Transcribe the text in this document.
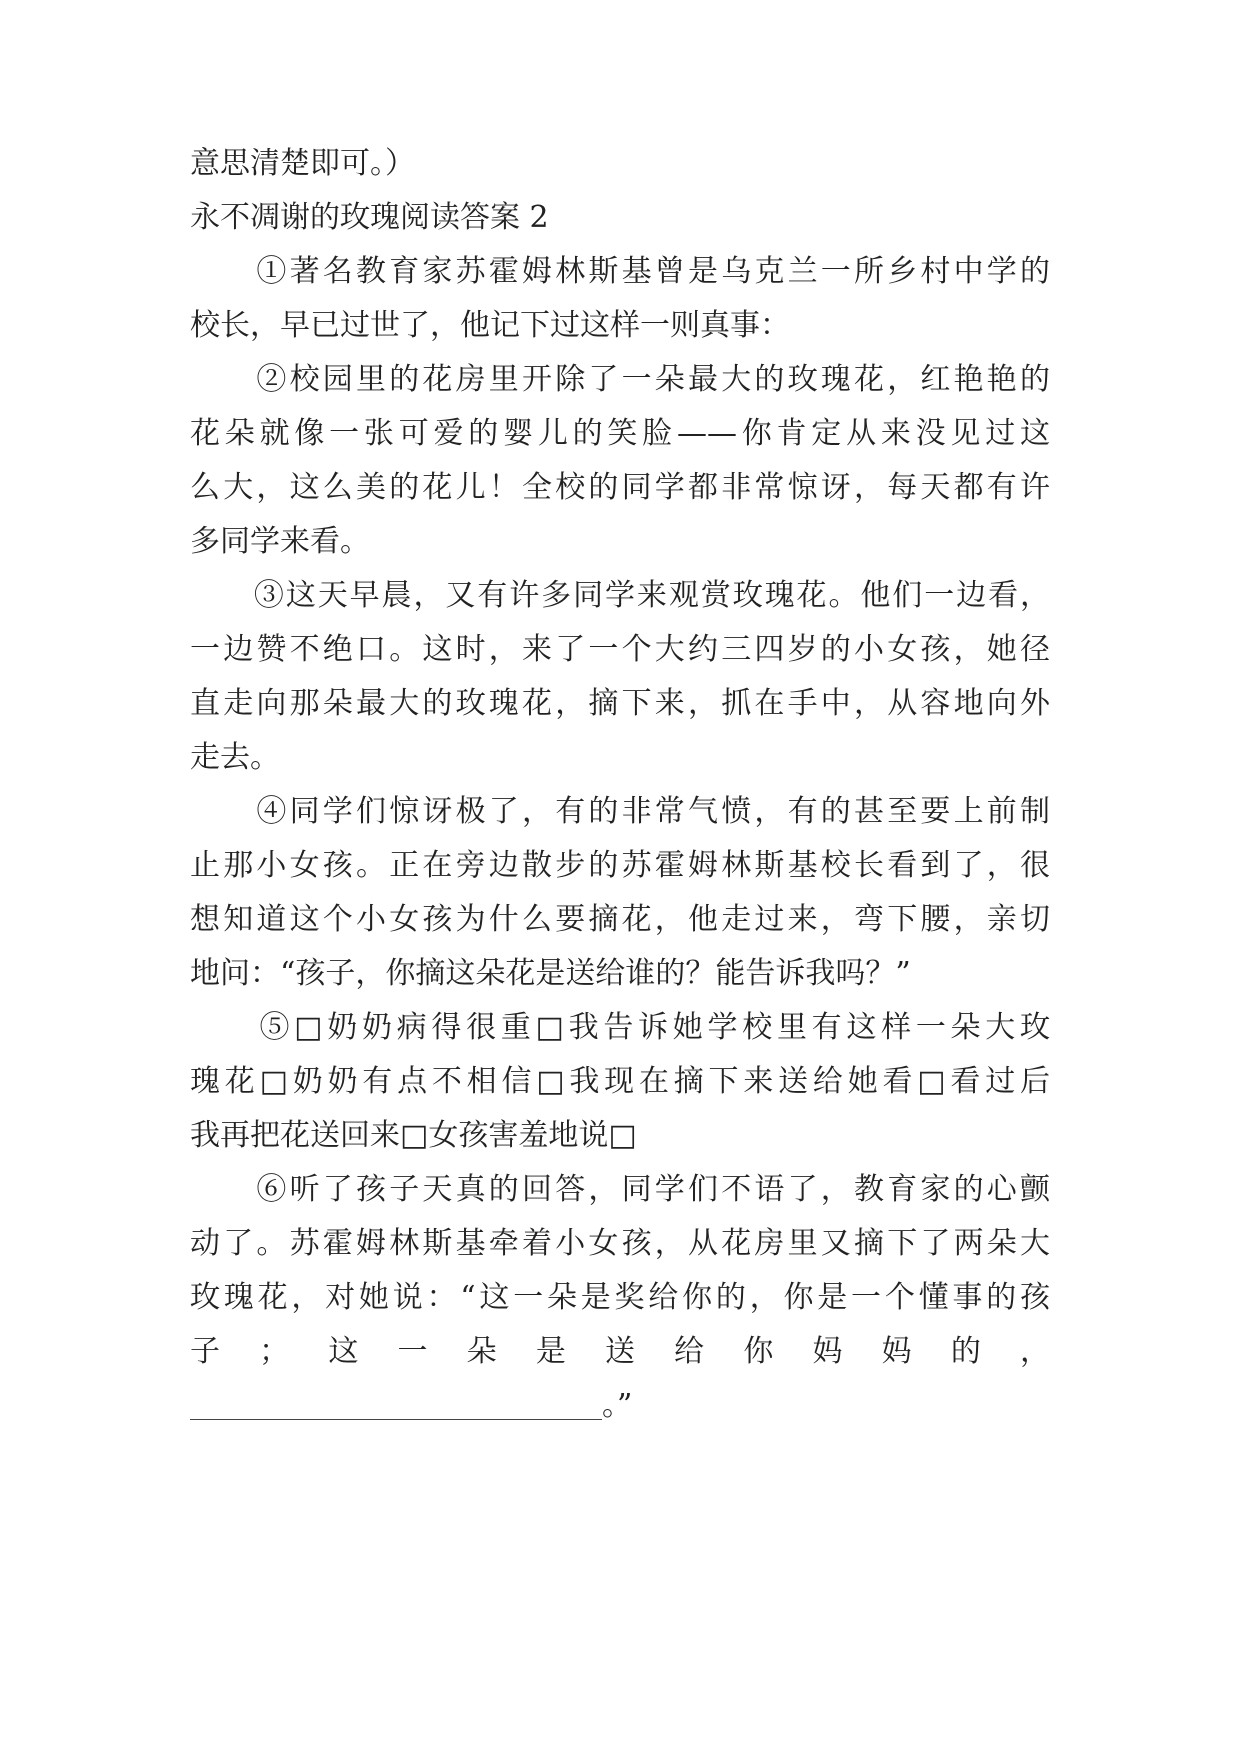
意思清楚即可。）
永不凋谢的玫瑰阅读答案 2
　　①著名教育家苏霍姆林斯基曾是乌克兰一所乡村中学的
校长，早已过世了，他记下过这样一则真事：
　　②校园里的花房里开除了一朵最大的玫瑰花，红艳艳的
花朵就像一张可爱的婴儿的笑脸——你肯定从来没见过这
么大，这么美的花儿！全校的同学都非常惊讶，每天都有许
多同学来看。
　　③这天早晨，又有许多同学来观赏玫瑰花。他们一边看，
一边赞不绝口。这时，来了一个大约三四岁的小女孩，她径
直走向那朵最大的玫瑰花，摘下来，抓在手中，从容地向外
走去。
　　④同学们惊讶极了，有的非常气愤，有的甚至要上前制
止那小女孩。正在旁边散步的苏霍姆林斯基校长看到了，很
想知道这个小女孩为什么要摘花，他走过来，弯下腰，亲切
地问：“孩子，你摘这朵花是送给谁的？能告诉我吗？”
　　⑤□奶奶病得很重□我告诉她学校里有这样一朵大玫
瑰花□奶奶有点不相信□我现在摘下来送给她看□看过后
我再把花送回来□女孩害羞地说□
　　⑥听了孩子天真的回答，同学们不语了，教育家的心颤
动了。苏霍姆林斯基牵着小女孩，从花房里又摘下了两朵大
玫瑰花，对她说：“这一朵是奖给你的，你是一个懂事的孩
子；这一朵是送给你妈妈的，
。”
